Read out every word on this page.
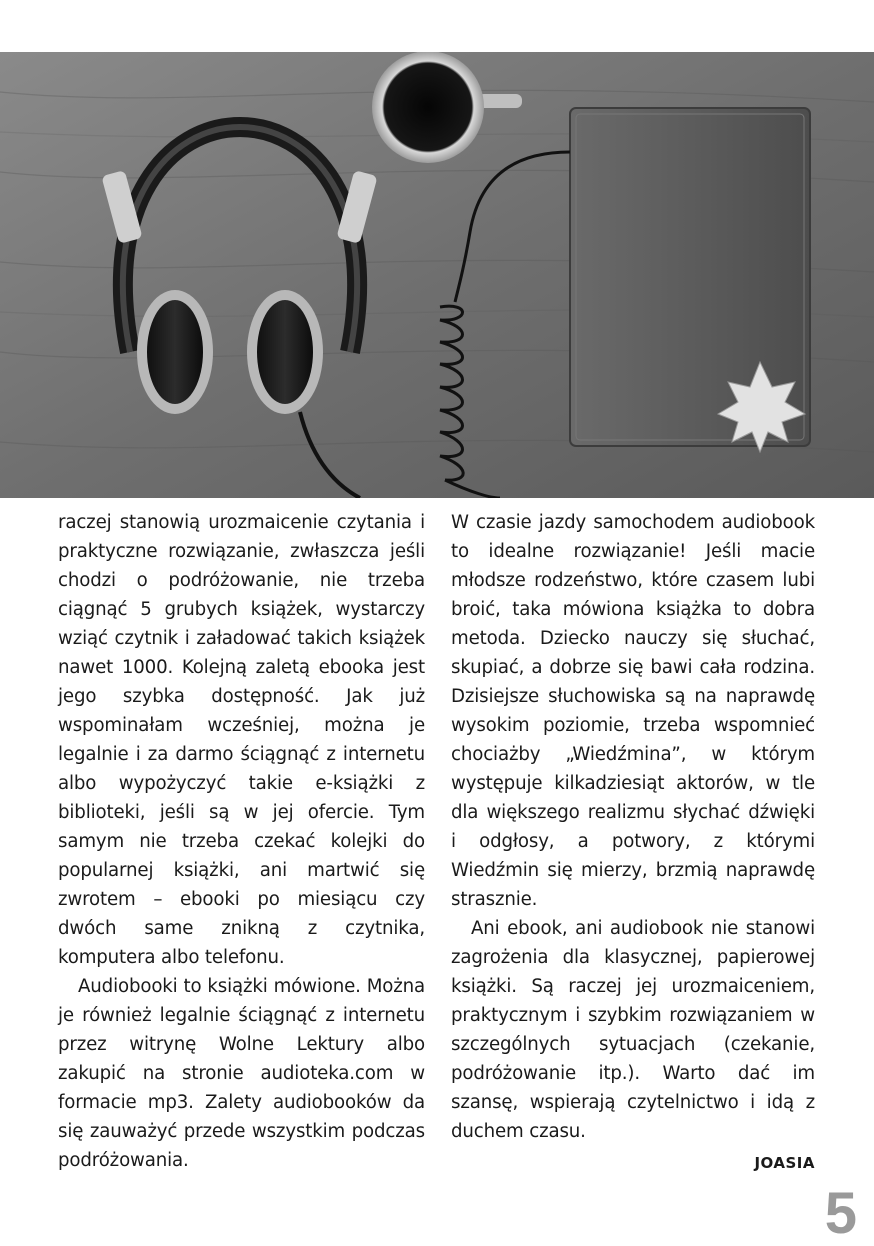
raczej stanowią urozmaicenie czytania i praktyczne rozwiązanie, zwłaszcza jeśli chodzi o podróżowanie, nie trzeba ciągnąć 5 grubych książek, wystarczy wziąć czytnik i załadować takich książek nawet 1000. Kolejną zaletą ebooka jest jego szybka dostępność. Jak już wspominałam wcześniej, można je legalnie i za darmo ściągnąć z internetu albo wypożyczyć takie e-książki z biblioteki, jeśli są w jej ofercie. Tym samym nie trzeba czekać kolejki do popularnej książki, ani martwić się zwrotem – ebooki po miesiącu czy dwóch same znikną z czytnika, komputera albo telefonu.

Audiobooki to książki mówione. Można je również legalnie ściągnąć z internetu przez witrynę Wolne Lektury albo zakupić na stronie audioteka.com w formacie mp3. Zalety audiobooków da się zauważyć przede wszystkim podczas podróżowania.

W czasie jazdy samochodem audiobook to idealne rozwiązanie! Jeśli macie młodsze rodzeństwo, które czasem lubi broić, taka mówiona książka to dobra metoda. Dziecko nauczy się słuchać, skupiać, a dobrze się bawi cała rodzina. Dzisiejsze słuchowiska są na naprawdę wysokim poziomie, trzeba wspomnieć chociażby „Wiedźmina”, w którym występuje kilkadziesiąt aktorów, w tle dla większego realizmu słychać dźwięki i odgłosy, a potwory, z którymi Wiedźmin się mierzy, brzmią naprawdę strasznie.

Ani ebook, ani audiobook nie stanowi zagrożenia dla klasycznej, papierowej książki. Są raczej jej urozmaiceniem, praktycznym i szybkim rozwiązaniem w szczególnych sytuacjach (czekanie, podróżowanie itp.). Warto dać im szansę, wspierają czytelnictwo i idą z duchem czasu.

JOASIA
5
